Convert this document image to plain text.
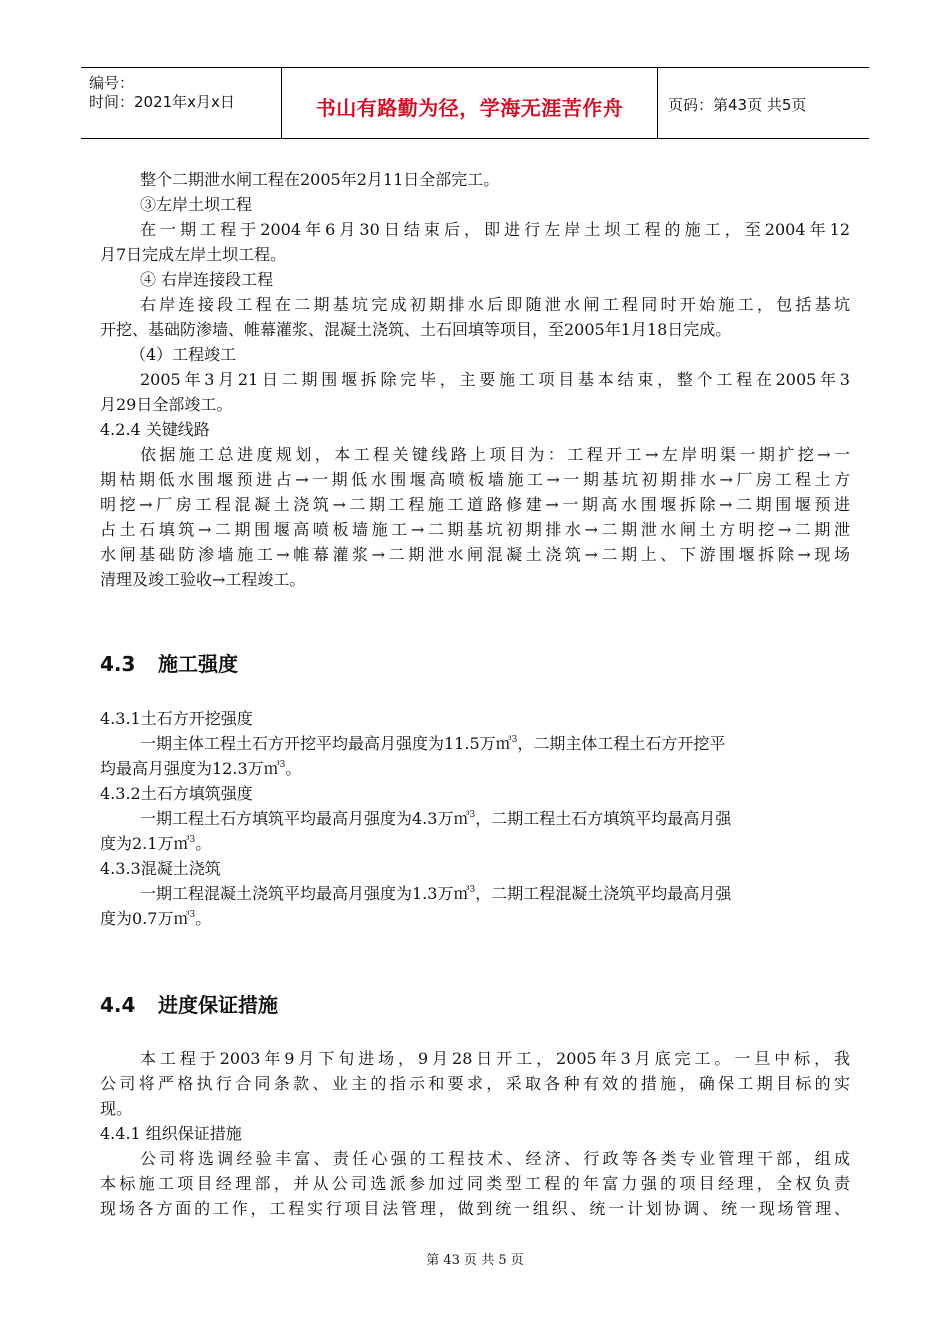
编号：
时间：2021年x月x日	书山有路勤为径，学海无涯苦作舟	页码：第43页 共5页
整个二期泄水闸工程在2005年2月11日全部完工。
③左岸土坝工程
在一期工程于2004年6月30日结束后，即进行左岸土坝工程的施工，至2004年12
月7日完成左岸土坝工程。
④ 右岸连接段工程
右岸连接段工程在二期基坑完成初期排水后即随泄水闸工程同时开始施工，包括基坑
开挖、基础防渗墙、帷幕灌浆、混凝土浇筑、土石回填等项目，至2005年1月18日完成。
（4）工程竣工
2005年3月21日二期围堰拆除完毕，主要施工项目基本结束，整个工程在2005年3
月29日全部竣工。
4.2.4 关键线路
依据施工总进度规划，本工程关键线路上项目为：工程开工→左岸明渠一期扩挖→一
期枯期低水围堰预进占→一期低水围堰高喷板墙施工→一期基坑初期排水→厂房工程土方
明挖→厂房工程混凝土浇筑→二期工程施工道路修建→一期高水围堰拆除→二期围堰预进
占土石填筑→二期围堰高喷板墙施工→二期基坑初期排水→二期泄水闸土方明挖→二期泄
水闸基础防渗墙施工→帷幕灌浆→二期泄水闸混凝土浇筑→二期上、下游围堰拆除→现场
清理及竣工验收→工程竣工。
4.3 施工强度
4.3.1土石方开挖强度
一期主体工程土石方开挖平均最高月强度为11.5万㎥$^3$，二期主体工程土石方开挖平
均最高月强度为12.3万㎥$^3$。
4.3.2土石方填筑强度
一期工程土石方填筑平均最高月强度为4.3万㎥$^3$，二期工程土石方填筑平均最高月强
度为2.1万㎥$^3$。
4.3.3混凝土浇筑
一期工程混凝土浇筑平均最高月强度为1.3万㎥$^3$，二期工程混凝土浇筑平均最高月强
度为0.7万㎥$^3$。
4.4 进度保证措施
本工程于2003年9月下旬进场，9月28日开工，2005年3月底完工。一旦中标，我
公司将严格执行合同条款、业主的指示和要求，采取各种有效的措施，确保工期目标的实
现。
4.4.1 组织保证措施
公司将选调经验丰富、责任心强的工程技术、经济、行政等各类专业管理干部，组成
本标施工项目经理部，并从公司选派参加过同类型工程的年富力强的项目经理，全权负责
现场各方面的工作，工程实行项目法管理，做到统一组织、统一计划协调、统一现场管理、
第 43 页 共 5 页
